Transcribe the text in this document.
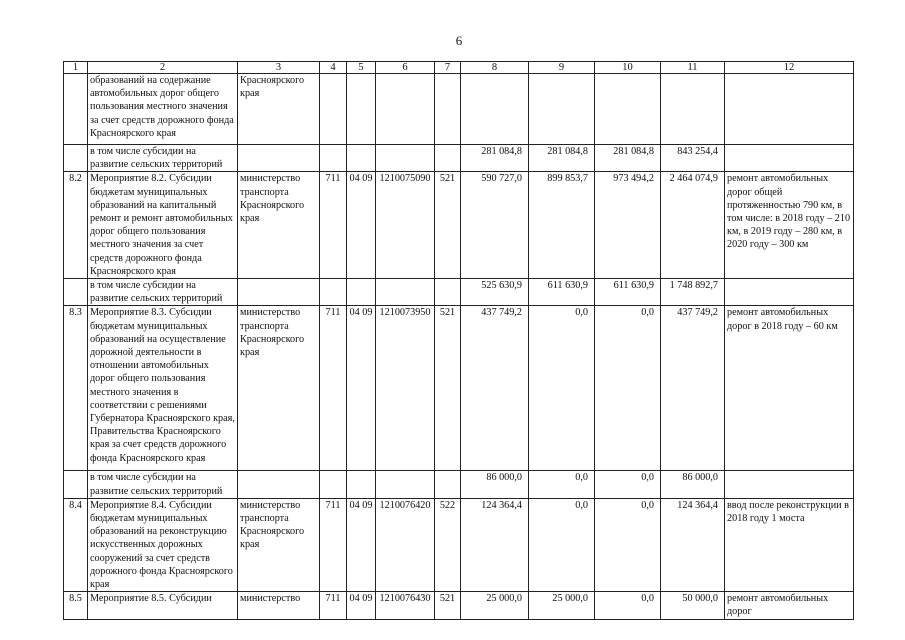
6
1	2	3	4	5	6	7	8	9	10	11	12
	образований на содержание автомобильных дорог общего пользования местного значения за счет средств дорожного фонда Красноярского края	Красноярского края									
	в том числе субсидии на развитие сельских территорий						281 084,8	281 084,8	281 084,8	843 254,4	
8.2	Мероприятие 8.2. Субсидии бюджетам муниципальных образований на капитальный ремонт и ремонт автомобильных дорог общего пользования местного значения за счет средств дорожного фонда Красноярского края	министерство транспорта Красноярского края	711	04 09	1210075090	521	590 727,0	899 853,7	973 494,2	2 464 074,9	ремонт автомобильных дорог общей протяженностью 790 км, в том числе: в 2018 году – 210 км, в 2019 году – 280 км, в 2020 году – 300 км
	в том числе субсидии на развитие сельских территорий						525 630,9	611 630,9	611 630,9	1 748 892,7	
8.3	Мероприятие 8.3. Субсидии бюджетам муниципальных образований на осуществление дорожной деятельности в отношении автомобильных дорог общего пользования местного значения в соответствии с решениями Губернатора Красноярского края, Правительства Красноярского края за счет средств дорожного фонда Красноярского края	министерство транспорта Красноярского края	711	04 09	1210073950	521	437 749,2	0,0	0,0	437 749,2	ремонт автомобильных дорог в 2018 году – 60 км
	в том числе субсидии на развитие сельских территорий						86 000,0	0,0	0,0	86 000,0	
8.4	Мероприятие 8.4. Субсидии бюджетам муниципальных образований на реконструкцию искусственных дорожных сооружений за счет средств дорожного фонда Красноярского края	министерство транспорта Красноярского края	711	04 09	1210076420	522	124 364,4	0,0	0,0	124 364,4	ввод после реконструкции в 2018 году 1 моста
8.5	Мероприятие 8.5. Субсидии	министерство	711	04 09	1210076430	521	25 000,0	25 000,0	0,0	50 000,0	ремонт автомобильных дорог
